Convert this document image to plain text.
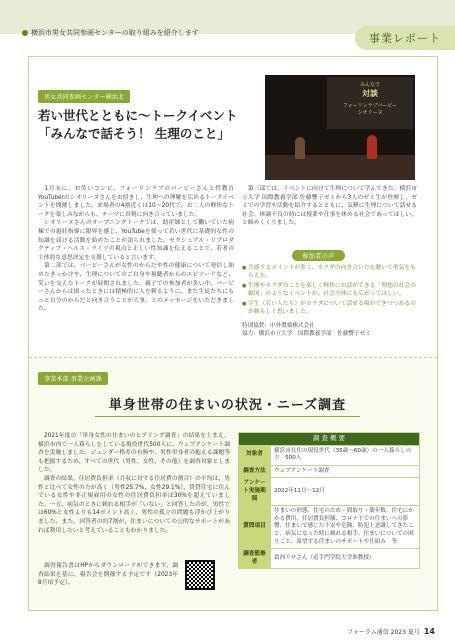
横浜市男女共同参画センターの取り組みを紹介します	事業レポート
男女共同参画センター横浜北
若い世代とともに～トークイベント
「みんなで話そう！ 生理のこと」
みんなで
対談
フォーリンラブバービー
シオリーヌ

　1月末に、お笑いコンビ、フォーリンラブのバービーさんと性教育YouTuberのシオリーヌさんをお招きし、生理への理解を広めるトークイベントを開催しました。来場者の4割近くは10～20代で、お二人の軽快なトークを楽しみながらも、テーマに真剣に向き合っていました。

　シオリーヌさんのオープニングトークでは、助産師として働いていた病棟での避妊指導に限界を感じ、YouTubeを使って若い世代に基礎的な性の知識を届ける活動を始めたことが語られました。セクシュアル・リプロダクティブ・ヘルス・ライツの視点と正しい性知識を伝えることで、若者の主体的な意思決定を支援していると言います。

　第二部では、バービーさんが女性のからだや性の健康について発信し始めたきっかけや、生理についてのご自身や視聴者からのエピソードなど、笑いを交えたトークが展開されました。親子での参加者が多い中、バービーさんからは困ったときには積極的に人を頼るように、また生徒たちにもっと自分のからだと向き合うことが大事、とのメッセージをいただきました。

　第三部では、イベントに向けて生理について学んできた、横浜市立大学 国際教養学部 佐藤響子ゼミから3人のゼミ生が登壇し、ゼミでの学習や活動を紹介するとともに、気軽に生理について話せる社会、体調不良の時には授業や仕事を休める社会であってほしい、と締めくくりました。
参加者の声
● 共感するポイントが多く、カラダの向き合い方を聴いて勇気をもらえた。
● 生理やカラダのことを楽しく軽快にお話ができる「理想の社会の縮図」のようなイベントが、社会全体にも広がってほしい。
● 学生（若い人たち）がカラダについて話せる場ができつつあるのが頼もしく思いました。
特別協賛：中外製薬株式会社
協力：横浜市立大学　国際教養学部　佐藤響子ゼミ
事業本部 事業企画課
単身世帯の住まいの状況・ニーズ調査

　2021年度の「単身女性の住まいのヒアリング調査」の結果を上まえ、横浜市内で一人暮らしをしている現役世代500人に、ウェブアンケート調査を実施しました。ジェンダー格差の有無や、男性単身者の抱える課題等も把握するため、すべての世代（男性、女性、その他）を調査対象としました。

　調査の結果、住居費負担率（月収に対する住居費の割合）の平均は、男性と比べて女性の方が高く（男性25.7%、女性29.1%）、賃貸住宅に住んでいる女性や非正規雇用の女性の住居費負担率は30%を超えていました。一方、病気のときに頼れる相手が「いない」と回答したのが、男性では60%と女性よりも14ポイント高く、男性の孤立の問題も浮かび上がりました。また、回答者の約7割が、住まいについての公的なサポートがあれば利用したいと考えていることもわかりました。

　調査報告書はHPからダウンロードができます。調査結果を基に、報告会を開催する予定です（2023年8月頃予定）。
調 査 概 要	
対象者	横浜市在住の現役世代（35歳～60歳）の一人暮らしの方　500人
調査方法	ウェブアンケート調査
アンケート実施期間	2022年11月～12月
質問項目	住まいの形態、住宅のため・間取り・築年数、住宅にかかる費用、住居費負担額、コロナ下での住まいへの影響、住まいで感じた不安や危険、防犯上意識してきたこと、病気になった時に頼れる相手、住まいについての困りごと、希望する住まいのサポートや仕組み　等
調査監修者	葛西リサさん（追手門学院大学准教授）
フォーラム通信 2023 夏号 14
